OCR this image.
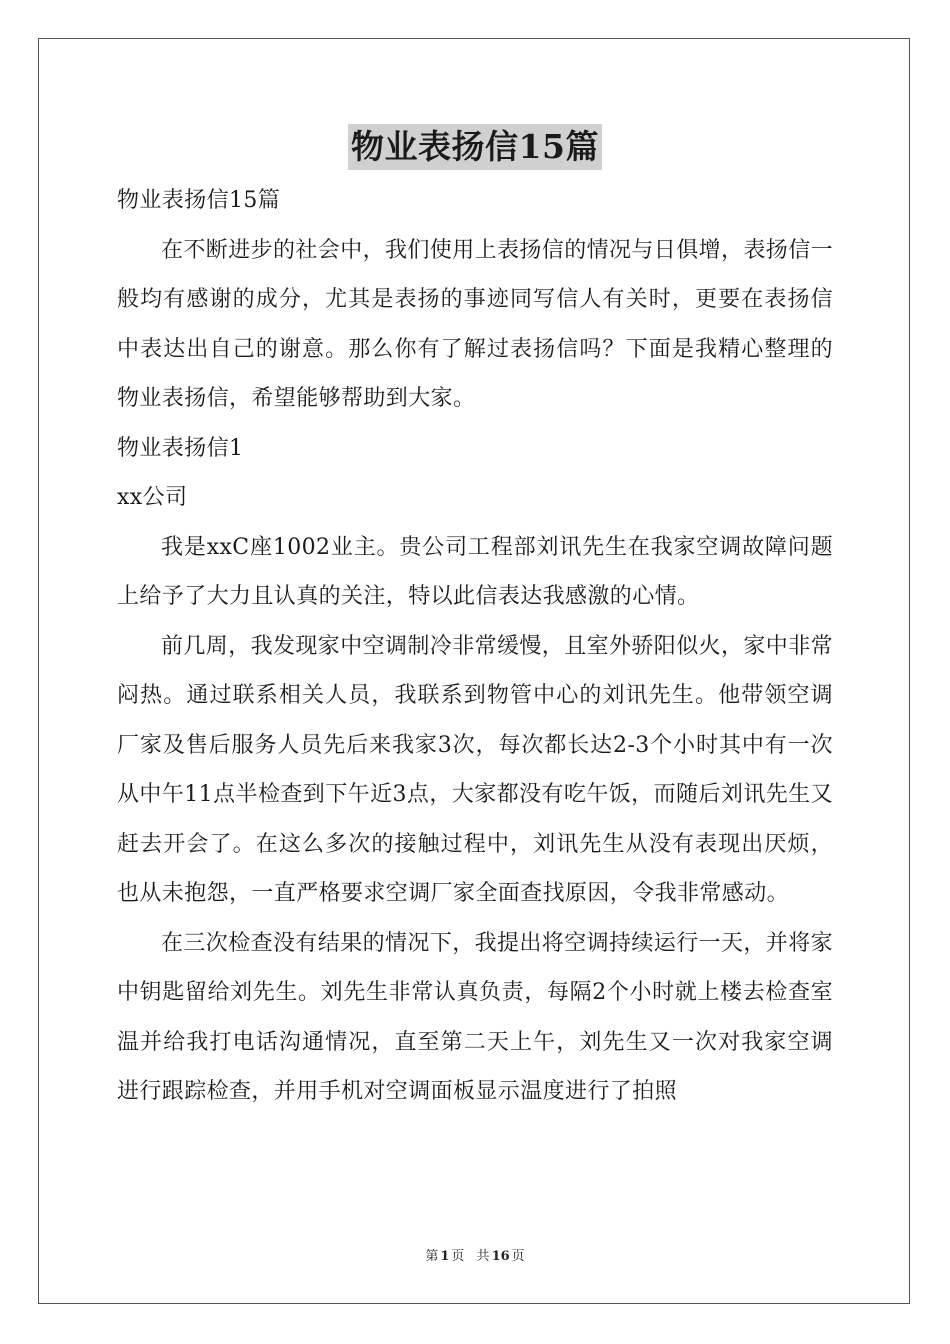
物业表扬信15篇

物业表扬信15篇

在不断进步的社会中，我们使用上表扬信的情况与日俱增，表扬信一般均有感谢的成分，尤其是表扬的事迹同写信人有关时，更要在表扬信中表达出自己的谢意。那么你有了解过表扬信吗？下面是我精心整理的物业表扬信，希望能够帮助到大家。

物业表扬信1

xx公司

我是xxC座1002业主。贵公司工程部刘讯先生在我家空调故障问题上给予了大力且认真的关注，特以此信表达我感激的心情。

前几周，我发现家中空调制冷非常缓慢，且室外骄阳似火，家中非常闷热。通过联系相关人员，我联系到物管中心的刘讯先生。他带领空调厂家及售后服务人员先后来我家3次，每次都长达2-3个小时其中有一次从中午11点半检查到下午近3点，大家都没有吃午饭，而随后刘讯先生又赶去开会了。在这么多次的接触过程中，刘讯先生从没有表现出厌烦，也从未抱怨，一直严格要求空调厂家全面查找原因，令我非常感动。

在三次检查没有结果的情况下，我提出将空调持续运行一天，并将家中钥匙留给刘先生。刘先生非常认真负责，每隔2个小时就上楼去检查室温并给我打电话沟通情况，直至第二天上午，刘先生又一次对我家空调进行跟踪检查，并用手机对空调面板显示温度进行了拍照

第 1 页 共 16 页
